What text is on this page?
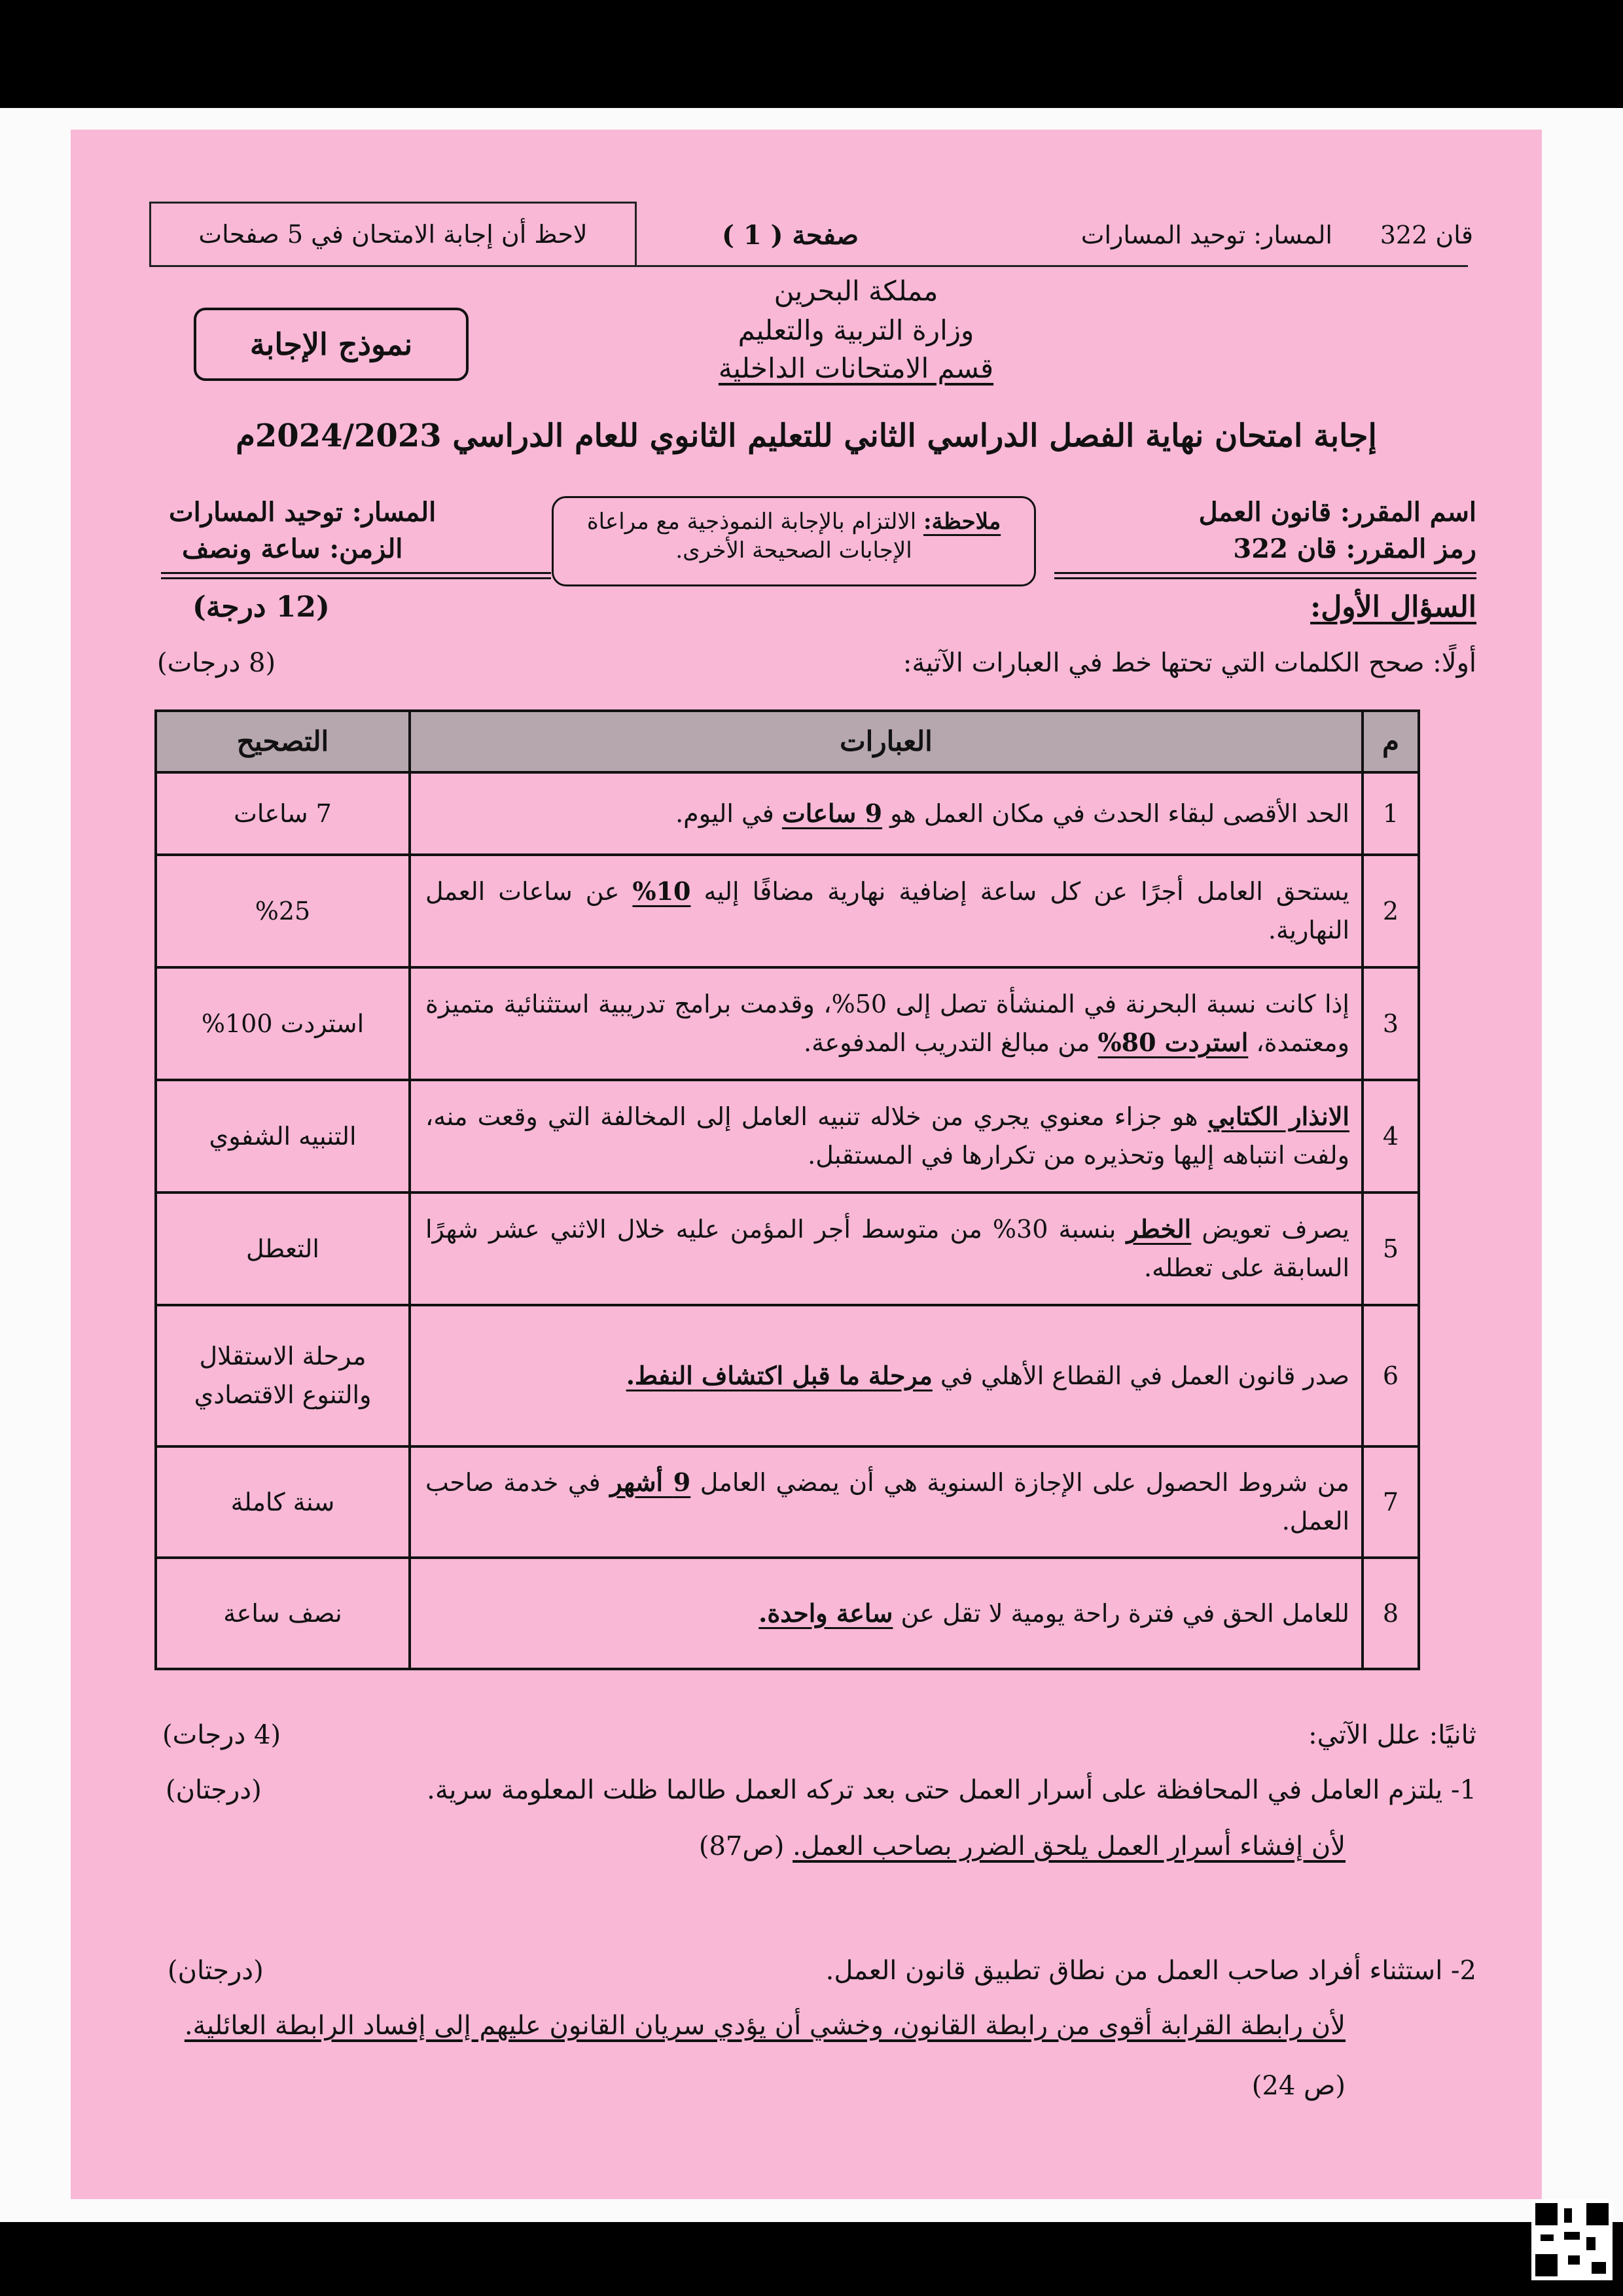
لاحظ أن إجابة الامتحان في 5 صفحات	صفحة ( 1 )	المسار: توحيد المسارات قان 322
مملكة البحرين
وزارة التربية والتعليم
قسم الامتحانات الداخلية
نموذج الإجابة
إجابة امتحان نهاية الفصل الدراسي الثاني للتعليم الثانوي للعام الدراسي 2024/2023م
اسم المقرر: قانون العمل
رمز المقرر: قان 322
المسار: توحيد المسارات
الزمن: ساعة ونصف
ملاحظة: الالتزام بالإجابة النموذجية مع مراعاة
الإجابات الصحيحة الأخرى.
السؤال الأول:
(12 درجة)
أولًا: صحح الكلمات التي تحتها خط في العبارات الآتية:
(8 درجات)
م	العبارات	التصحيح
1	الحد الأقصى لبقاء الحدث في مكان العمل هو 9 ساعات في اليوم.	7 ساعات
2	يستحق العامل أجرًا عن كل ساعة إضافية نهارية مضافًا إليه 10% عن ساعات العمل النهارية.	%25
3	إذا كانت نسبة البحرنة في المنشأة تصل إلى 50%، وقدمت برامج تدريبية استثنائية متميزة ومعتمدة، استردت 80% من مبالغ التدريب المدفوعة.	استردت 100%
4	الانذار الكتابي هو جزاء معنوي يجري من خلاله تنبيه العامل إلى المخالفة التي وقعت منه، ولفت انتباهه إليها وتحذيره من تكرارها في المستقبل.	التنبيه الشفوي
5	يصرف تعويض الخطر بنسبة 30% من متوسط أجر المؤمن عليه خلال الاثني عشر شهرًا السابقة على تعطله.	التعطل
6	صدر قانون العمل في القطاع الأهلي في مرحلة ما قبل اكتشاف النفط.	مرحلة الاستقلال والتنوع الاقتصادي
7	من شروط الحصول على الإجازة السنوية هي أن يمضي العامل 9 أشهر في خدمة صاحب العمل.	سنة كاملة
8	للعامل الحق في فترة راحة يومية لا تقل عن ساعة واحدة.	نصف ساعة
ثانيًا: علل الآتي:
(4 درجات)
1- يلتزم العامل في المحافظة على أسرار العمل حتى بعد تركه العمل طالما ظلت المعلومة سرية.
(درجتان)
لأن إفشاء أسرار العمل يلحق الضرر بصاحب العمل. (ص87)
2- استثناء أفراد صاحب العمل من نطاق تطبيق قانون العمل.
(درجتان)
لأن رابطة القرابة أقوى من رابطة القانون، وخشي أن يؤدي سريان القانون عليهم إلى إفساد الرابطة العائلية.
(ص 24)
